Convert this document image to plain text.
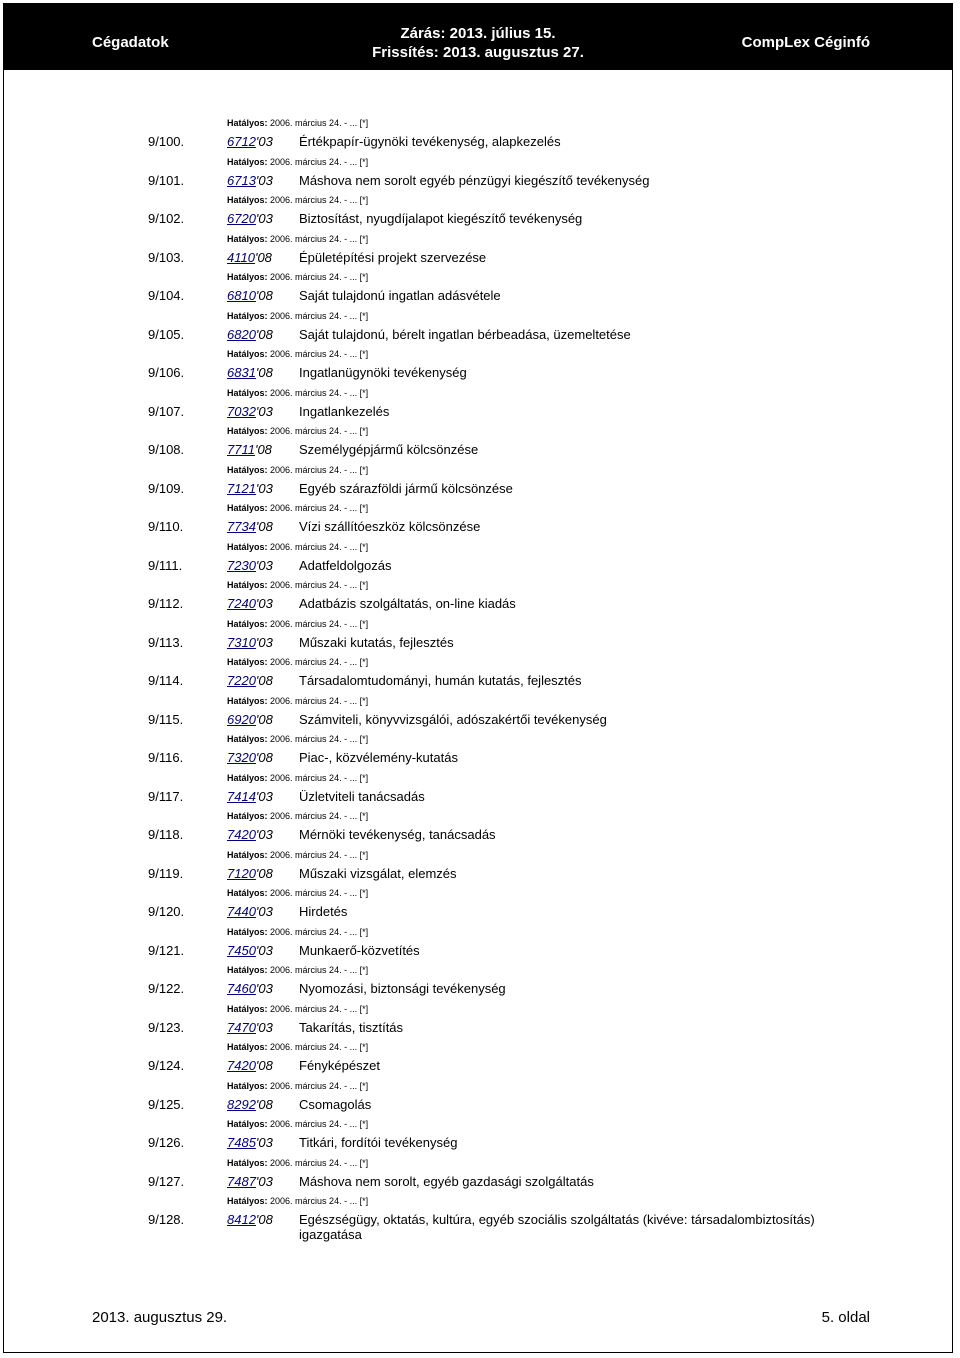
Cégadatok
Zárás: 2013. július 15.
Frissítés: 2013. augusztus 27.
CompLex Céginfó
Hatályos: 2006. március 24. - ... [*]
9/100.	6712'03 Értékpapír-ügynöki tevékenység, alapkezelés
Hatályos: 2006. március 24. - ... [*]
9/101.	6713'03 Máshova nem sorolt egyéb pénzügyi kiegészítő tevékenység
Hatályos: 2006. március 24. - ... [*]
9/102.	6720'03 Biztosítást, nyugdíjalapot kiegészítő tevékenység
Hatályos: 2006. március 24. - ... [*]
9/103.	4110'08 Épületépítési projekt szervezése
Hatályos: 2006. március 24. - ... [*]
9/104.	6810'08 Saját tulajdonú ingatlan adásvétele
Hatályos: 2006. március 24. - ... [*]
9/105.	6820'08 Saját tulajdonú, bérelt ingatlan bérbeadása, üzemeltetése
Hatályos: 2006. március 24. - ... [*]
9/106.	6831'08 Ingatlanügynöki tevékenység
Hatályos: 2006. március 24. - ... [*]
9/107.	7032'03 Ingatlankezelés
Hatályos: 2006. március 24. - ... [*]
9/108.	7711'08 Személygépjármű kölcsönzése
Hatályos: 2006. március 24. - ... [*]
9/109.	7121'03 Egyéb szárazföldi jármű kölcsönzése
Hatályos: 2006. március 24. - ... [*]
9/110.	7734'08 Vízi szállítóeszköz kölcsönzése
Hatályos: 2006. március 24. - ... [*]
9/111.	7230'03 Adatfeldolgozás
Hatályos: 2006. március 24. - ... [*]
9/112.	7240'03 Adatbázis szolgáltatás, on-line kiadás
Hatályos: 2006. március 24. - ... [*]
9/113.	7310'03 Műszaki kutatás, fejlesztés
Hatályos: 2006. március 24. - ... [*]
9/114.	7220'08 Társadalomtudományi, humán kutatás, fejlesztés
Hatályos: 2006. március 24. - ... [*]
9/115.	6920'08 Számviteli, könyvvizsgálói, adószakértői tevékenység
Hatályos: 2006. március 24. - ... [*]
9/116.	7320'08 Piac-, közvélemény-kutatás
Hatályos: 2006. március 24. - ... [*]
9/117.	7414'03 Üzletviteli tanácsadás
Hatályos: 2006. március 24. - ... [*]
9/118.	7420'03 Mérnöki tevékenység, tanácsadás
Hatályos: 2006. március 24. - ... [*]
9/119.	7120'08 Műszaki vizsgálat, elemzés
Hatályos: 2006. március 24. - ... [*]
9/120.	7440'03 Hirdetés
Hatályos: 2006. március 24. - ... [*]
9/121.	7450'03 Munkaerő-közvetítés
Hatályos: 2006. március 24. - ... [*]
9/122.	7460'03 Nyomozási, biztonsági tevékenység
Hatályos: 2006. március 24. - ... [*]
9/123.	7470'03 Takarítás, tisztítás
Hatályos: 2006. március 24. - ... [*]
9/124.	7420'08 Fényképészet
Hatályos: 2006. március 24. - ... [*]
9/125.	8292'08 Csomagolás
Hatályos: 2006. március 24. - ... [*]
9/126.	7485'03 Titkári, fordítói tevékenység
Hatályos: 2006. március 24. - ... [*]
9/127.	7487'03 Máshova nem sorolt, egyéb gazdasági szolgáltatás
Hatályos: 2006. március 24. - ... [*]
9/128.	8412'08 Egészségügy, oktatás, kultúra, egyéb szociális szolgáltatás (kivéve: társadalombiztosítás) igazgatása
2013. augusztus 29.	5. oldal
